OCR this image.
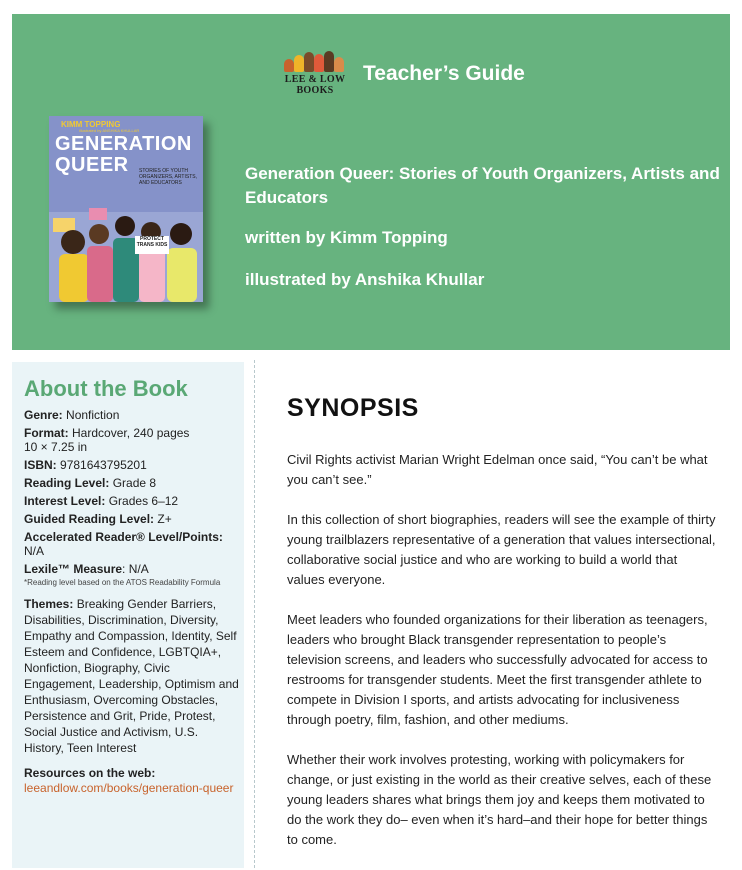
LEE & LOW BOOKS
Teacher’s Guide
KIMM TOPPING
illustrated by ANSHIKA KHULLAR
GENERATION
QUEER	STORIES OF YOUTH ORGANIZERS, ARTISTS, AND EDUCATORS
PROTECT TRANS KIDS
Generation Queer: Stories of Youth Organizers, Artists and Educators
written by Kimm Topping
illustrated by Anshika Khullar
About the Book

Genre: Nonfiction

Format: Hardcover, 240 pages
10 × 7.25 in

ISBN: 9781643795201

Reading Level: Grade 8

Interest Level: Grades 6–12

Guided Reading Level: Z+

Accelerated Reader® Level/Points:
N/A

Lexile™ Measure: N/A

*Reading level based on the ATOS Readability Formula

Themes: Breaking Gender Barriers, Disabilities, Discrimination, Diversity, Empathy and Compassion, Identity, Self Esteem and Confidence, LGBTQIA+, Nonfiction, Biography, Civic Engagement, Leadership, Optimism and Enthusiasm, Overcoming Obstacles, Persistence and Grit, Pride, Protest, Social Justice and Activism, U.S. History, Teen Interest

Resources on the web:

leeandlow.com/books/generation-queer

SYNOPSIS

Civil Rights activist Marian Wright Edelman once said, “You can’t be what you can’t see.”

In this collection of short biographies, readers will see the example of thirty young trailblazers representative of a generation that values intersectional, collaborative social justice and who are working to build a world that values everyone.

Meet leaders who founded organizations for their liberation as teenagers, leaders who brought Black transgender representation to people’s television screens, and leaders who successfully advocated for access to restrooms for transgender students. Meet the first transgender athlete to compete in Division I sports, and artists advocating for inclusiveness through poetry, film, fashion, and other mediums.

Whether their work involves protesting, working with policymakers for change, or just existing in the world as their creative selves, each of these young leaders shares what brings them joy and keeps them motivated to do the work they do– even when it’s hard–and their hope for better things to come.
